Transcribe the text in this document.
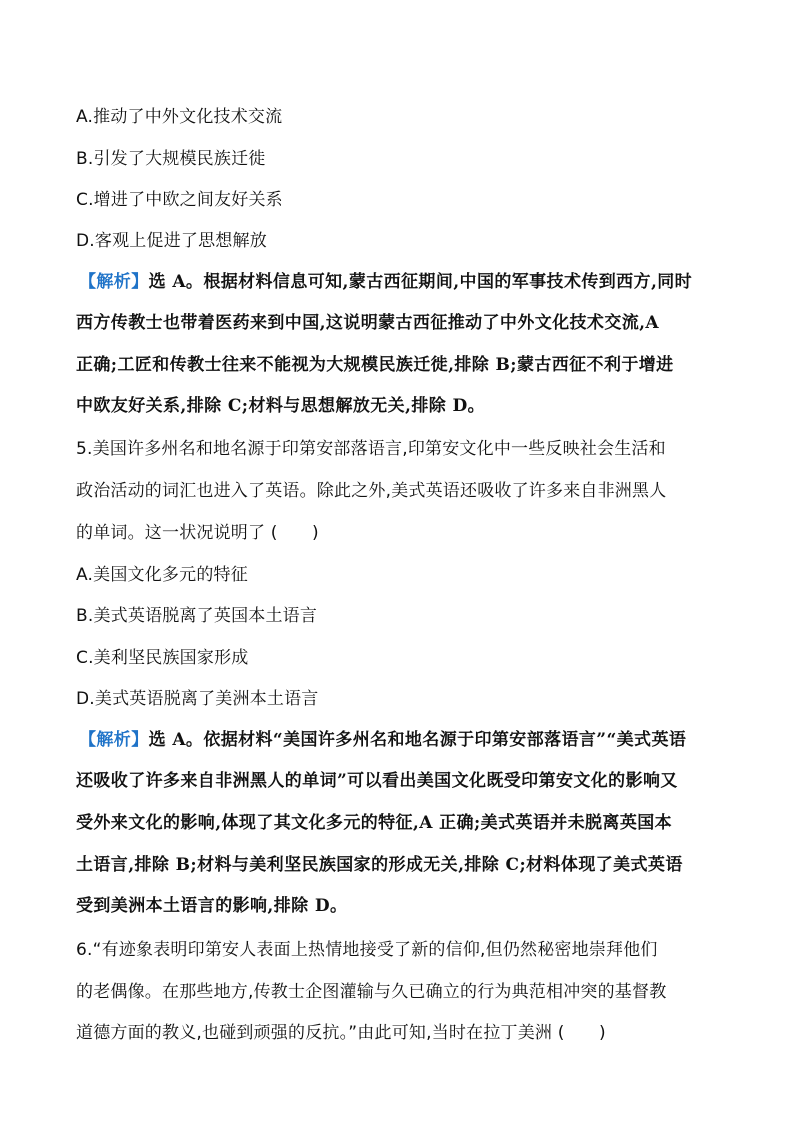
A.推动了中外文化技术交流
B.引发了大规模民族迁徙
C.增进了中欧之间友好关系
D.客观上促进了思想解放
【解析】选 A。根据材料信息可知,蒙古西征期间,中国的军事技术传到西方,同时
西方传教士也带着医药来到中国,这说明蒙古西征推动了中外文化技术交流,A
正确;工匠和传教士往来不能视为大规模民族迁徙,排除 B;蒙古西征不利于增进
中欧友好关系,排除 C;材料与思想解放无关,排除 D。
5.美国许多州名和地名源于印第安部落语言,印第安文化中一些反映社会生活和
政治活动的词汇也进入了英语。除此之外,美式英语还吸收了许多来自非洲黑人
的单词。这一状况说明了 (　　)
A.美国文化多元的特征
B.美式英语脱离了英国本土语言
C.美利坚民族国家形成
D.美式英语脱离了美洲本土语言
【解析】选 A。依据材料“美国许多州名和地名源于印第安部落语言”“美式英语
还吸收了许多来自非洲黑人的单词”可以看出美国文化既受印第安文化的影响又
受外来文化的影响,体现了其文化多元的特征,A 正确;美式英语并未脱离英国本
土语言,排除 B;材料与美利坚民族国家的形成无关,排除 C;材料体现了美式英语
受到美洲本土语言的影响,排除 D。
6.“有迹象表明印第安人表面上热情地接受了新的信仰,但仍然秘密地崇拜他们
的老偶像。在那些地方,传教士企图灌输与久已确立的行为典范相冲突的基督教
道德方面的教义,也碰到顽强的反抗。”由此可知,当时在拉丁美洲 (　　)
